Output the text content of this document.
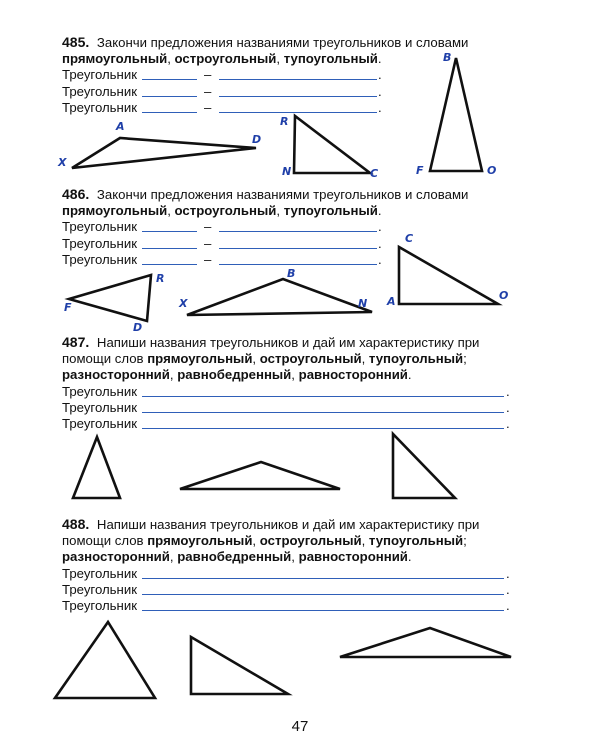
485. Закончи предложения названиями треугольников и словами
прямоугольный, остроугольный, тупоугольный.
Треугольник	–	.
Треугольник	–	.
Треугольник	–	.
486. Закончи предложения названиями треугольников и словами
прямоугольный, остроугольный, тупоугольный.
Треугольник	–	.
Треугольник	–	.
Треугольник	–	.
487. Напиши названия треугольников и дай им характеристику при помощи слов прямоугольный, остроугольный, тупоугольный; разносторонний, равнобедренный, равносторонний.
Треугольник	.
Треугольник	.
Треугольник	.
488. Напиши названия треугольников и дай им характеристику при помощи слов прямоугольный, остроугольный, тупоугольный; разносторонний, равнобедренный, равносторонний.
Треугольник	.
Треугольник	.
Треугольник	.
X
A
D
R
N	C
B
F	O
R
F
D
B
X	N
C
A	O
47
